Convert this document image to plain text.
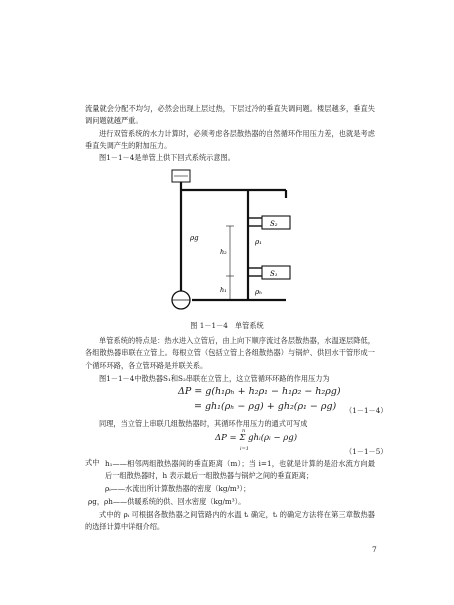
流量就会分配不均匀，必然会出现上层过热，下层过冷的垂直失调问题。楼层越多，垂直失调问题就越严重。

进行双管系统的水力计算时，必须考虑各层散热器的自然循环作用压力差，也就是考虑垂直失调产生的附加压力。

图1－1－4是单管上供下回式系统示意图。

S₂
S₁
ρg	ρ₁
ρₕ
h₂
h₁
图 1－1－4　单管系统

单管系统的特点是：热水进入立管后，由上向下顺序流过各层散热器，水温逐层降低，各组散热器串联在立管上。每根立管（包括立管上各组散热器）与锅炉、供回水干管形成一个循环环路，各立管环路是并联关系。

图1－1－4中散热器S₁和S₂串联在立管上，这立管循环环路的作用压力为

ΔP = g(h₁ρₕ + h₂ρ₁ − h₁ρ₂ − h₂ρg)
= gh₁(ρₕ − ρg) + gh₂(ρ₁ − ρg) （1－1－4）

同理，当立管上串联几组散热器时，其循环作用压力的通式可写成

ΔP = Σ ghᵢ(ρᵢ − ρg)
n
i=1	（1－1－5）
式中 h₁——相邻两组散热器间的垂直距离（m）；当 i=1，也就是计算的是沿水流方向最后一组散热器时，h 表示最后一组散热器与锅炉之间的垂直距离；

ρᵢ——水流出所计算散热器的密度（kg/m³）；

ρg，ρh——供暖系统的供、回水密度（kg/m³）。

式中的 ρᵢ 可根据各散热器之间管路内的水温 tᵢ 确定，tᵢ 的确定方法将在第三章散热器的选择计算中详细介绍。

7
